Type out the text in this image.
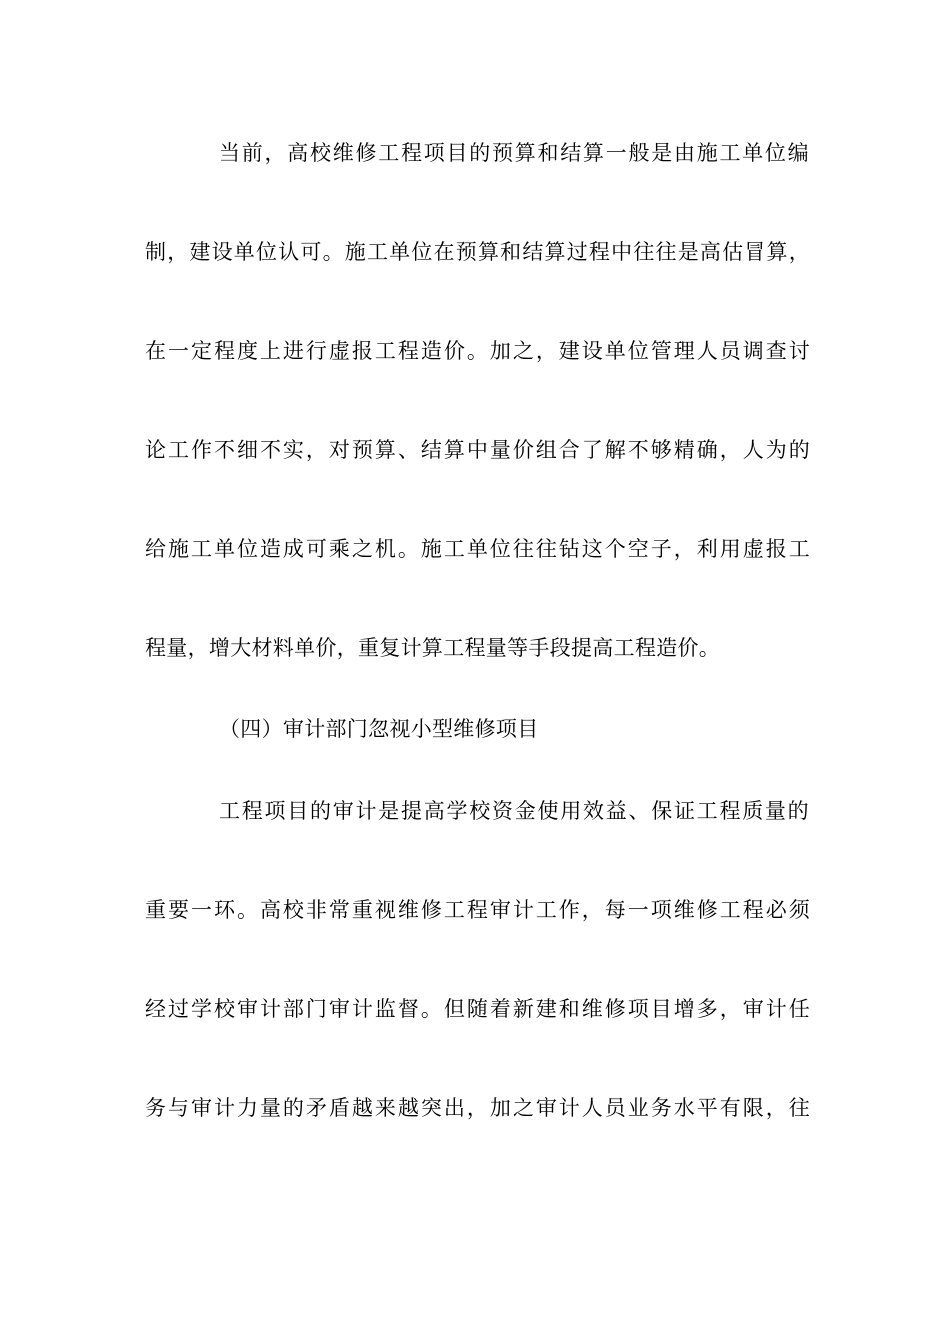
当前，高校维修工程项目的预算和结算一般是由施工单位编
制，建设单位认可。施工单位在预算和结算过程中往往是高估冒算，
在一定程度上进行虚报工程造价。加之，建设单位管理人员调查讨
论工作不细不实，对预算、结算中量价组合了解不够精确，人为的
给施工单位造成可乘之机。施工单位往往钻这个空子，利用虚报工
程量，增大材料单价，重复计算工程量等手段提高工程造价。
（四）审计部门忽视小型维修项目
工程项目的审计是提高学校资金使用效益、保证工程质量的
重要一环。高校非常重视维修工程审计工作，每一项维修工程必须
经过学校审计部门审计监督。但随着新建和维修项目增多，审计任
务与审计力量的矛盾越来越突出，加之审计人员业务水平有限，往
